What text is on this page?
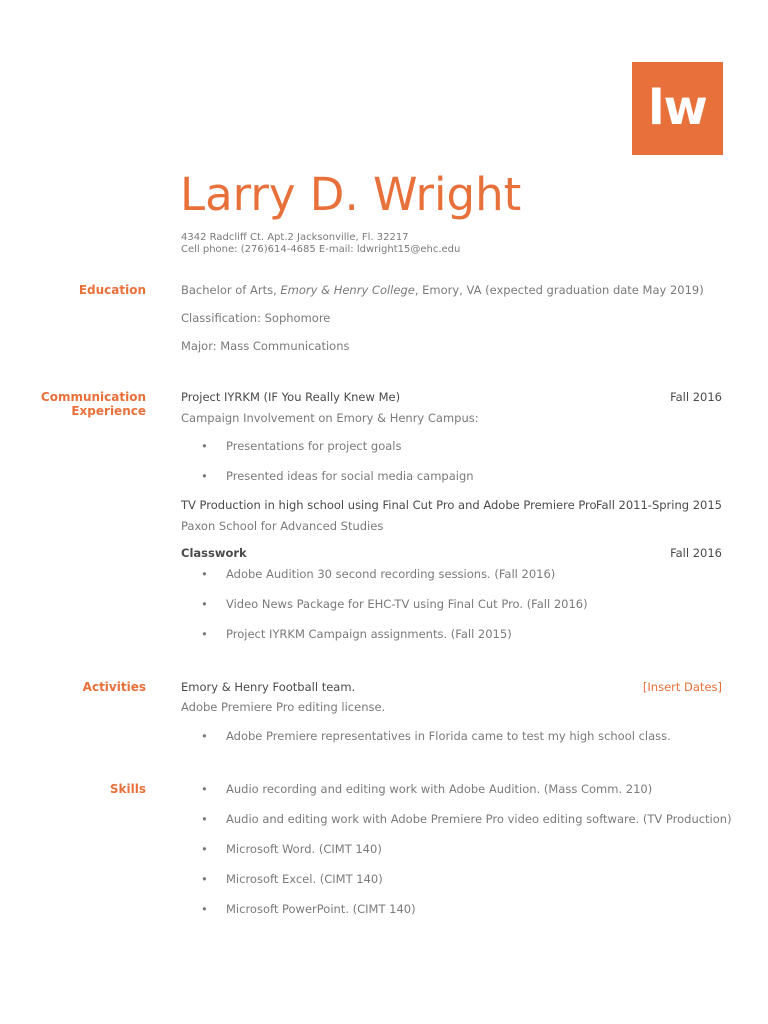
lw
Larry D. Wright
4342 Radcliff Ct. Apt.2 Jacksonville, Fl. 32217
Cell phone: (276)614-4685 E-mail: ldwright15@ehc.edu
Education	Bachelor of Arts, Emory & Henry College, Emory, VA (expected graduation date May 2019)
Classification: Sophomore
Major: Mass Communications
Communication
Experience
Project IYRKM (IF You Really Knew Me)	Fall 2016
Campaign Involvement on Emory & Henry Campus:
• Presentations for project goals
• Presented ideas for social media campaign
TV Production in high school using Final Cut Pro and Adobe Premiere Pro Fall 2011-Spring 2015
Paxon School for Advanced Studies
Classwork	Fall 2016
• Adobe Audition 30 second recording sessions. (Fall 2016)
• Video News Package for EHC-TV using Final Cut Pro. (Fall 2016)
• Project IYRKM Campaign assignments. (Fall 2015)
Activities	Emory & Henry Football team.	[Insert Dates]
Adobe Premiere Pro editing license.
• Adobe Premiere representatives in Florida came to test my high school class.
Skills	• Audio recording and editing work with Adobe Audition. (Mass Comm. 210)
• Audio and editing work with Adobe Premiere Pro video editing software. (TV Production)
• Microsoft Word. (CIMT 140)
• Microsoft Excel. (CIMT 140)
• Microsoft PowerPoint. (CIMT 140)
